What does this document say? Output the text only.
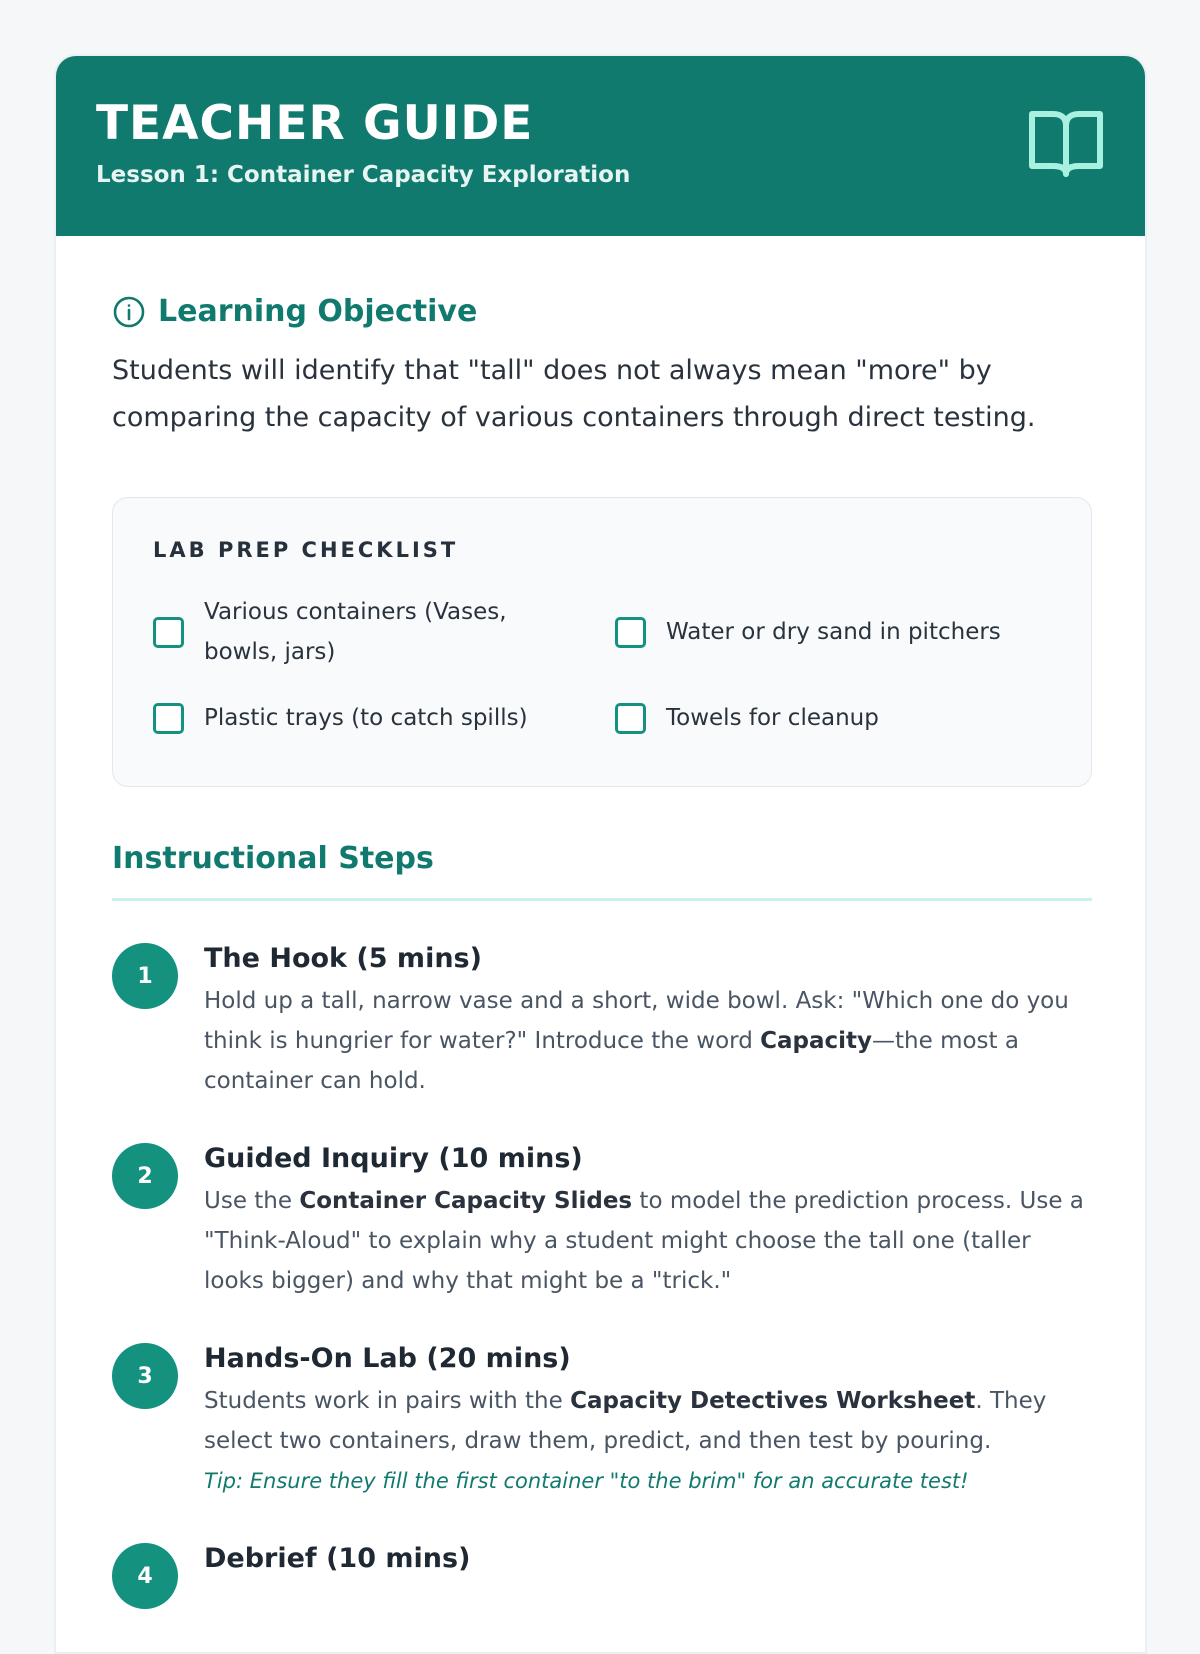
TEACHER GUIDE
Lesson 1: Container Capacity Exploration
Learning Objective

Students will identify that "tall" does not always mean "more" by comparing the capacity of various containers through direct testing.

LAB PREP CHECKLIST
Various containers (Vases, bowls, jars)
Water or dry sand in pitchers
Plastic trays (to catch spills)	Towels for cleanup
Instructional Steps
1
The Hook (5 mins)

Hold up a tall, narrow vase and a short, wide bowl. Ask: "Which one do you think is hungrier for water?" Introduce the word Capacity—the most a container can hold.

2
Guided Inquiry (10 mins)

Use the Container Capacity Slides to model the prediction process. Use a "Think-Aloud" to explain why a student might choose the tall one (taller looks bigger) and why that might be a "trick."

3
Hands-On Lab (20 mins)

Students work in pairs with the Capacity Detectives Worksheet. They select two containers, draw them, predict, and then test by pouring.

Tip: Ensure they fill the first container "to the brim" for an accurate test!

4
Debrief (10 mins)
